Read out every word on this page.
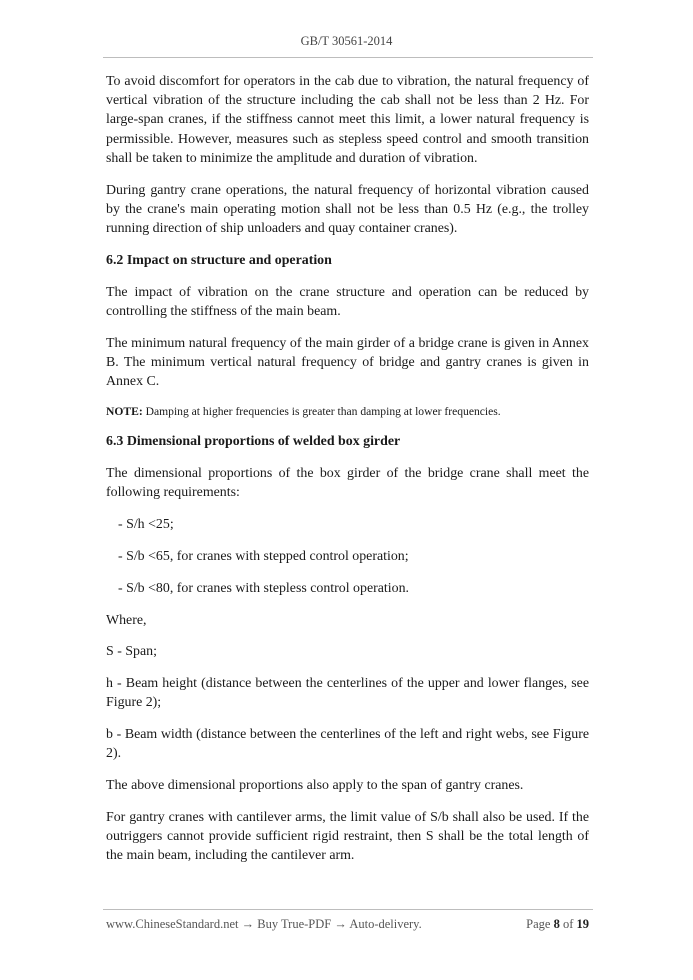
GB/T 30561-2014

To avoid discomfort for operators in the cab due to vibration, the natural frequency of vertical vibration of the structure including the cab shall not be less than 2 Hz. For large-span cranes, if the stiffness cannot meet this limit, a lower natural frequency is permissible. However, measures such as stepless speed control and smooth transition shall be taken to minimize the amplitude and duration of vibration.

During gantry crane operations, the natural frequency of horizontal vibration caused by the crane's main operating motion shall not be less than 0.5 Hz (e.g., the trolley running direction of ship unloaders and quay container cranes).

6.2 Impact on structure and operation

The impact of vibration on the crane structure and operation can be reduced by controlling the stiffness of the main beam.

The minimum natural frequency of the main girder of a bridge crane is given in Annex B. The minimum vertical natural frequency of bridge and gantry cranes is given in Annex C.

NOTE: Damping at higher frequencies is greater than damping at lower frequencies.

6.3 Dimensional proportions of welded box girder

The dimensional proportions of the box girder of the bridge crane shall meet the following requirements:

- S/h <25;

- S/b <65, for cranes with stepped control operation;

- S/b <80, for cranes with stepless control operation.

Where,

S - Span;

h - Beam height (distance between the centerlines of the upper and lower flanges, see Figure 2);

b - Beam width (distance between the centerlines of the left and right webs, see Figure 2).

The above dimensional proportions also apply to the span of gantry cranes.

For gantry cranes with cantilever arms, the limit value of S/b shall also be used. If the outriggers cannot provide sufficient rigid restraint, then S shall be the total length of the main beam, including the cantilever arm.

www.ChineseStandard.net → Buy True-PDF → Auto-delivery.	Page 8 of 19
